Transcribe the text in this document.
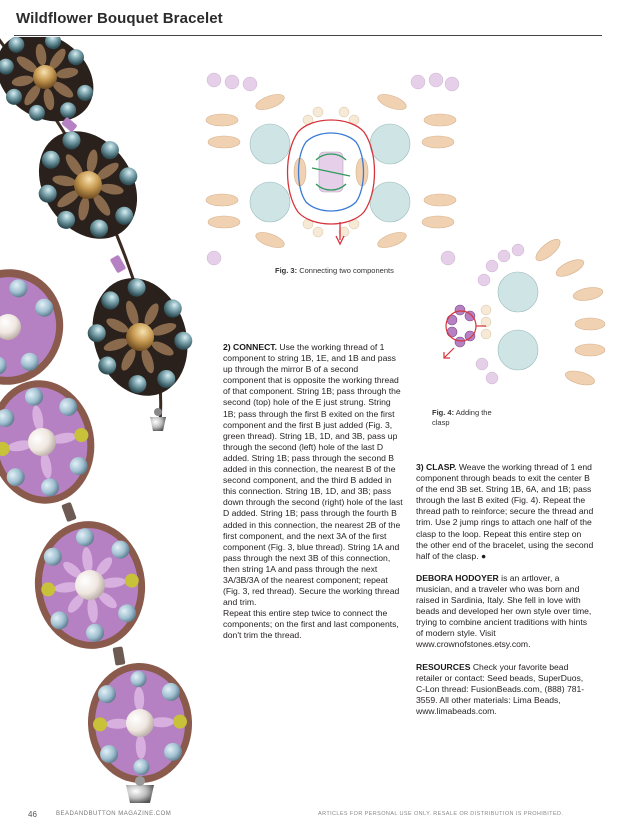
Wildflower Bouquet Bracelet
Fig. 3: Connecting two components
Fig. 4: Adding the clasp

2) CONNECT. Use the working thread of 1 component to string 1B, 1E, and 1B and pass up through the mirror B of a second component that is opposite the working thread of that component. String 1B; pass through the second (top) hole of the E just strung. String 1B; pass through the first B exited on the first component and the first B just added (Fig. 3, green thread). String 1B, 1D, and 3B, pass up through the second (left) hole of the last D added. String 1B; pass through the second B added in this connection, the nearest B of the second component, and the third B added in this connection. String 1B, 1D, and 3B; pass down through the second (right) hole of the last D added. String 1B; pass through the fourth B added in this connection, the nearest 2B of the first component, and the next 3A of the first component (Fig. 3, blue thread). String 1A and pass through the next 3B of this connection, then string 1A and pass through the next 3A/3B/3A of the nearest component; repeat (Fig. 3, red thread). Secure the working thread and trim.

Repeat this entire step twice to connect the components; on the first and last components, don't trim the thread.

3) CLASP. Weave the working thread of 1 end component through beads to exit the center B of the end 3B set. String 1B, 6A, and 1B; pass through the last B exited (Fig. 4). Repeat the thread path to reinforce; secure the thread and trim. Use 2 jump rings to attach one half of the clasp to the loop. Repeat this entire step on the other end of the bracelet, using the second half of the clasp. ●

DEBORA HODOYER is an artlover, a musician, and a traveler who was born and raised in Sardinia, Italy. She fell in love with beads and developed her own style over time, trying to combine ancient traditions with hints of modern style. Visit www.crownofstones.etsy.com.

RESOURCES Check your favorite bead retailer or contact: Seed beads, SuperDuos, C-Lon thread: FusionBeads.com, (888) 781-3559. All other materials: Lima Beads, www.limabeads.com.

46	BEADANDBUTTON MAGAZINE.COM	ARTICLES FOR PERSONAL USE ONLY. RESALE OR DISTRIBUTION IS PROHIBITED.
